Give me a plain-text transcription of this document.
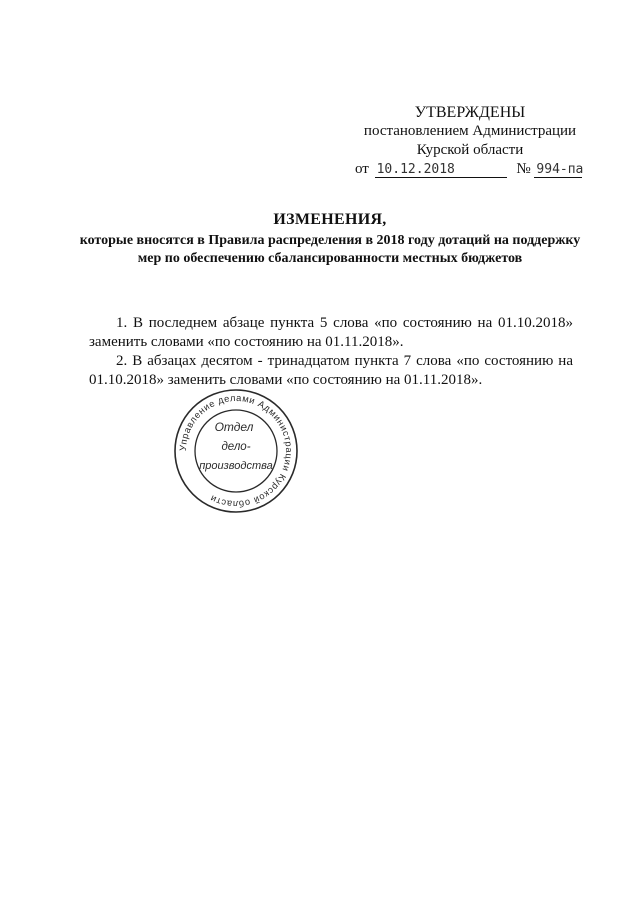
УТВЕРЖДЕНЫ
постановлением Администрации
Курской области
от 10.12.2018	№ 994-па
ИЗМЕНЕНИЯ,
которые вносятся в Правила распределения в 2018 году дотаций на поддержку мер по обеспечению сбалансированности местных бюджетов

1. В последнем абзаце пункта 5 слова «по состоянию на 01.10.2018» заменить словами «по состоянию на 01.11.2018».

2. В абзацах десятом - тринадцатом пункта 7 слова «по состоянию на 01.10.2018» заменить словами «по состоянию на 01.11.2018».

Управление делами Администрации Курской области
Отдел
дело-
производства
